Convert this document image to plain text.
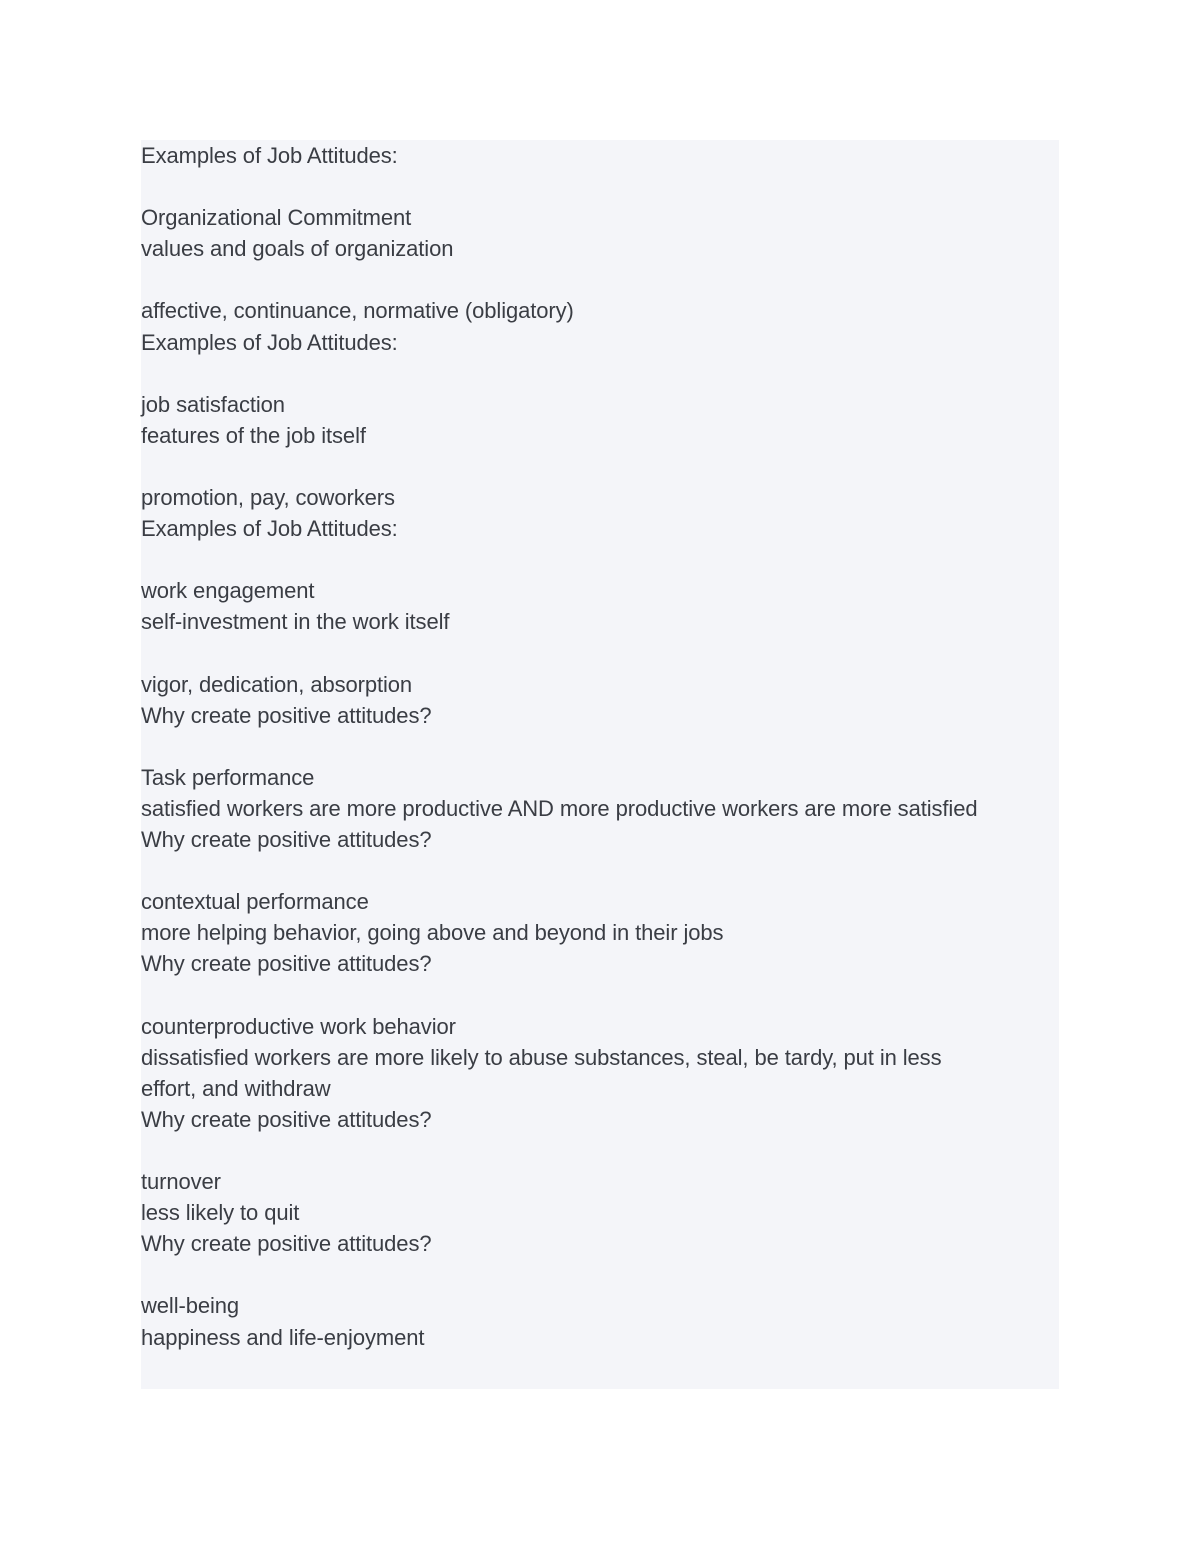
Examples of Job Attitudes:
Organizational Commitment
values and goals of organization
affective, continuance, normative (obligatory)
Examples of Job Attitudes:
job satisfaction
features of the job itself
promotion, pay, coworkers
Examples of Job Attitudes:
work engagement
self-investment in the work itself
vigor, dedication, absorption
Why create positive attitudes?
Task performance
satisfied workers are more productive AND more productive workers are more satisfied
Why create positive attitudes?
contextual performance
more helping behavior, going above and beyond in their jobs
Why create positive attitudes?
counterproductive work behavior
dissatisfied workers are more likely to abuse substances, steal, be tardy, put in less
effort, and withdraw
Why create positive attitudes?
turnover
less likely to quit
Why create positive attitudes?
well-being
happiness and life-enjoyment
